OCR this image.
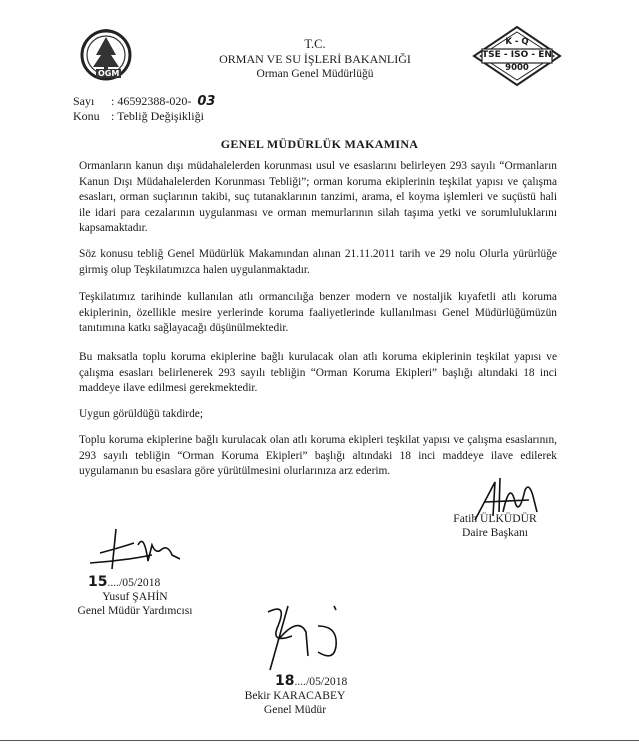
OGM
T.C.
ORMAN VE SU İŞLERİ BAKANLIĞI
Orman Genel Müdürlüğü
K - Q
TSE - ISO - EN
9000
Sayı : 46592388-020- 03
Konu : Tebliğ Değişikliği
GENEL MÜDÜRLÜK MAKAMINA

Ormanların kanun dışı müdahalelerden korunması usul ve esaslarını belirleyen 293 sayılı “Ormanların Kanun Dışı Müdahalelerden Korunması Tebliği”; orman koruma ekiplerinin teşkilat yapısı ve çalışma esasları, orman suçlarının takibi, suç tutanaklarının tanzimi, arama, el koyma işlemleri ve suçüstü hali ile idari para cezalarının uygulanması ve orman memurlarının silah taşıma yetki ve sorumluluklarını kapsamaktadır.

Söz konusu tebliğ Genel Müdürlük Makamından alınan 21.11.2011 tarih ve 29 nolu Olurla yürürlüğe girmiş olup Teşkilatımızca halen uygulanmaktadır.

Teşkilatımız tarihinde kullanılan atlı ormancılığa benzer modern ve nostaljik kıyafetli atlı koruma ekiplerinin, özellikle mesire yerlerinde koruma faaliyetlerinde kullanılması Genel Müdürlüğümüzün tanıtımına katkı sağlayacağı düşünülmektedir.

Bu maksatla toplu koruma ekiplerine bağlı kurulacak olan atlı koruma ekiplerinin teşkilat yapısı ve çalışma esasları belirlenerek 293 sayılı tebliğin “Orman Koruma Ekipleri” başlığı altındaki 18 inci maddeye ilave edilmesi gerekmektedir.

Uygun görüldüğü takdirde;

Toplu koruma ekiplerine bağlı kurulacak olan atlı koruma ekipleri teşkilat yapısı ve çalışma esaslarının, 293 sayılı tebliğin “Orman Koruma Ekipleri” başlığı altındaki 18 inci maddeye ilave edilerek uygulamanın bu esaslara göre yürütülmesini olurlarınıza arz ederim.

Fatih ÜLKÜDÜR
Daire Başkanı
15..../05/2018
Yusuf ŞAHİN
Genel Müdür Yardımcısı
18..../05/2018
Bekir KARACABEY
Genel Müdür
